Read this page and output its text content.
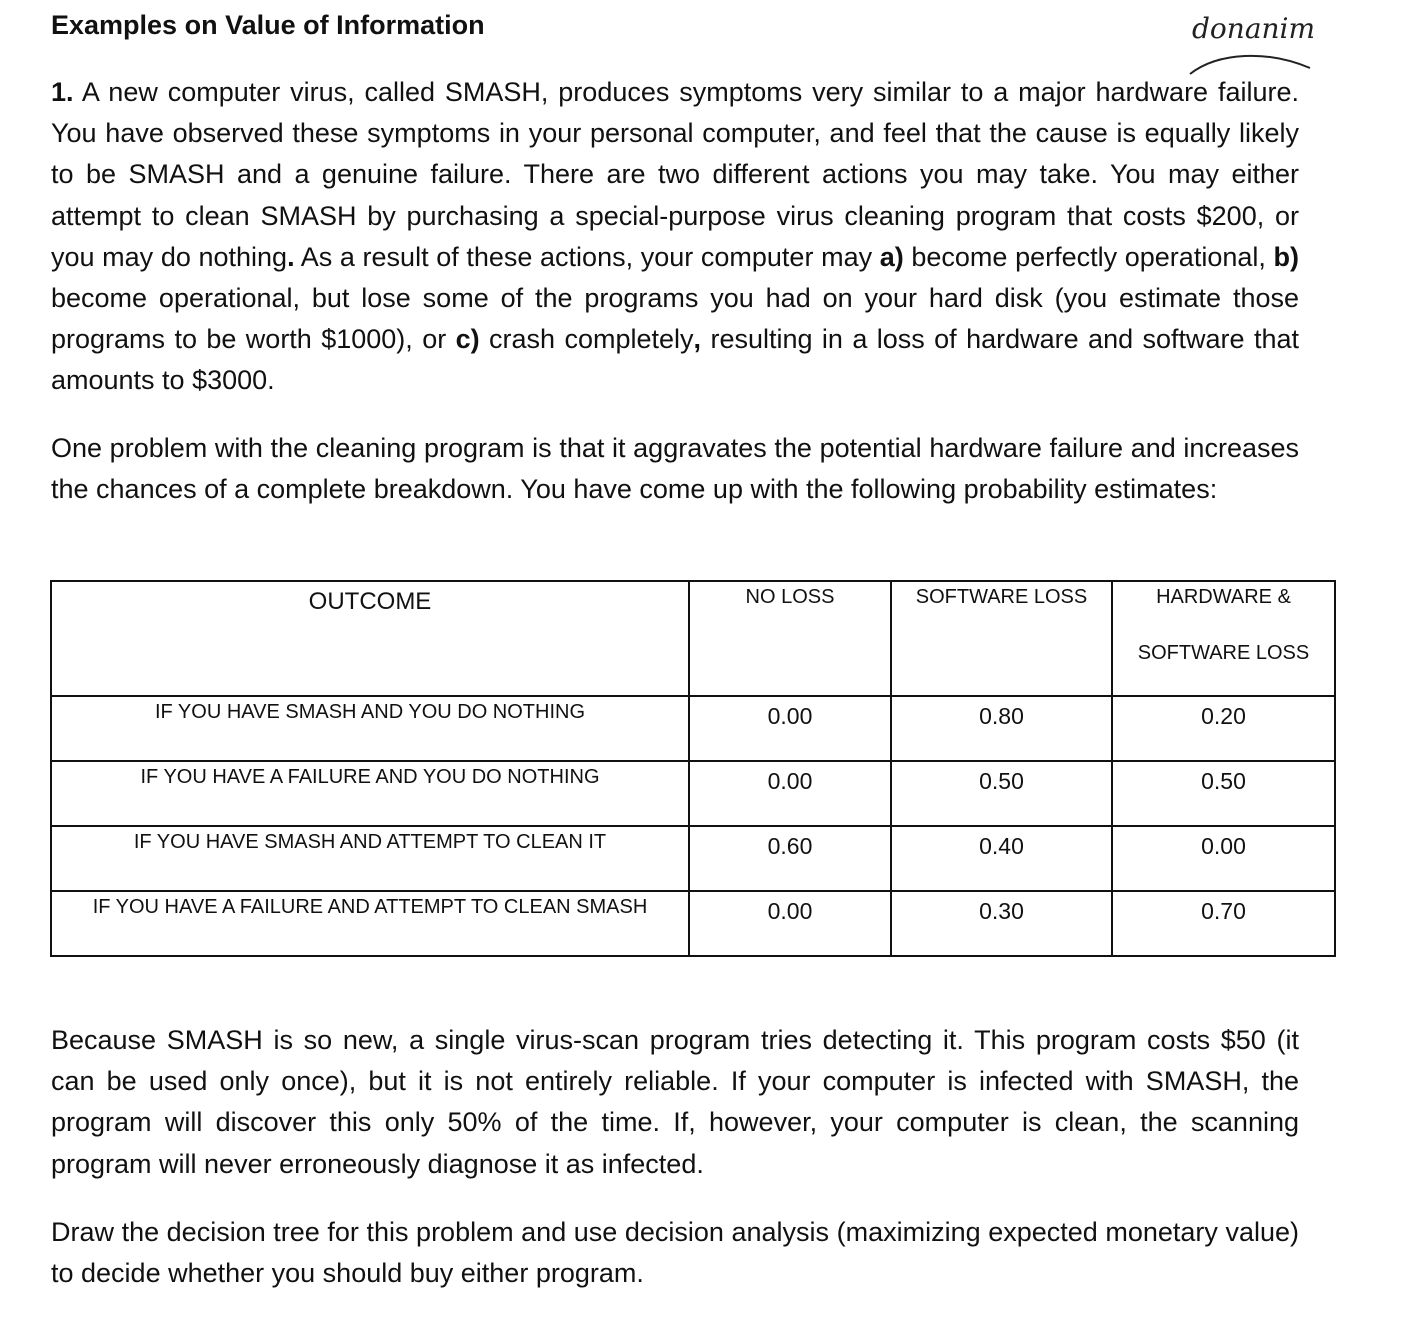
Examples on Value of Information	donanim

1. A new computer virus, called SMASH, produces symptoms very similar to a major hardware failure. You have observed these symptoms in your personal computer, and feel that the cause is equally likely to be SMASH and a genuine failure. There are two different actions you may take. You may either attempt to clean SMASH by purchasing a special-purpose virus cleaning program that costs $200, or you may do nothing. As a result of these actions, your computer may a) become perfectly operational, b) become operational, but lose some of the programs you had on your hard disk (you estimate those programs to be worth $1000), or c) crash completely, resulting in a loss of hardware and software that amounts to $3000.

One problem with the cleaning program is that it aggravates the potential hardware failure and increases the chances of a complete breakdown. You have come up with the following probability estimates:

OUTCOME	NO LOSS	SOFTWARE LOSS	HARDWARE &
SOFTWARE LOSS

IF YOU HAVE SMASH AND YOU DO NOTHING	0.00	0.80	0.20

IF YOU HAVE A FAILURE AND YOU DO NOTHING	0.00	0.50	0.50

IF YOU HAVE SMASH AND ATTEMPT TO CLEAN IT	0.60	0.40	0.00

IF YOU HAVE A FAILURE AND ATTEMPT TO CLEAN SMASH	0.00	0.30	0.70

Because SMASH is so new, a single virus-scan program tries detecting it. This program costs $50 (it can be used only once), but it is not entirely reliable. If your computer is infected with SMASH, the program will discover this only 50% of the time. If, however, your computer is clean, the scanning program will never erroneously diagnose it as infected.

Draw the decision tree for this problem and use decision analysis (maximizing expected monetary value) to decide whether you should buy either program.
